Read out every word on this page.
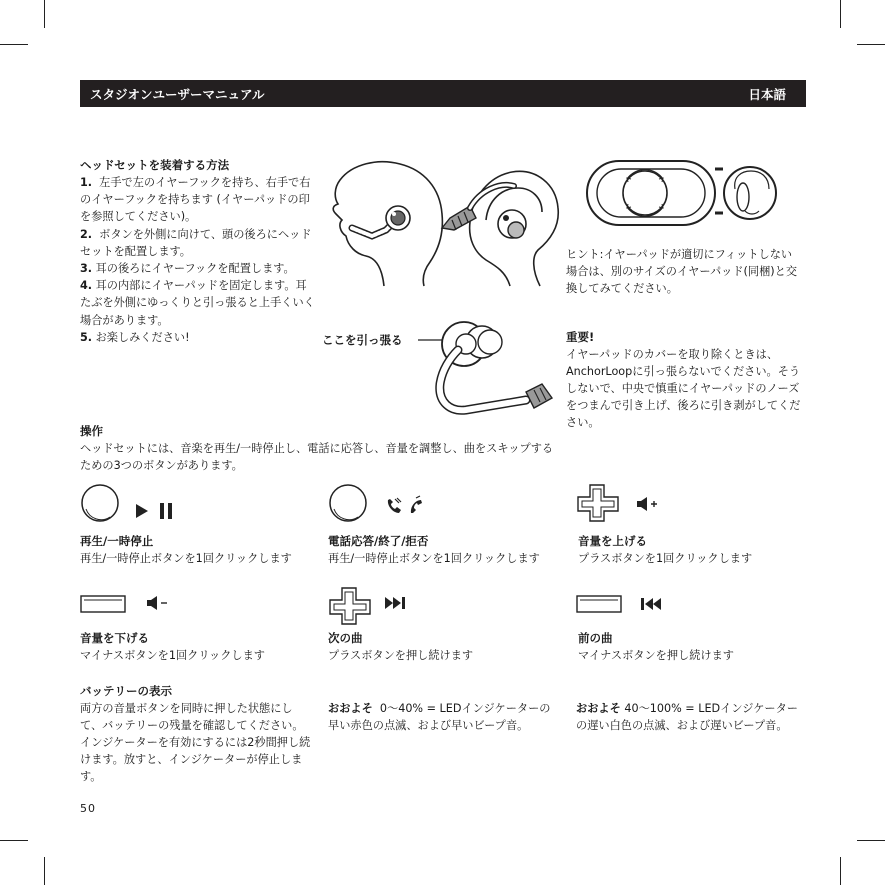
スタジオンユーザーマニュアル	日本語
ヘッドセットを装着する方法
1. 左手で左のイヤーフックを持ち、右手で右のイヤーフックを持ちます (イヤーパッドの印を参照してください)。
2. ボタンを外側に向けて、頭の後ろにヘッドセットを配置します。
3. 耳の後ろにイヤーフックを配置します。
4. 耳の内部にイヤーパッドを固定します。耳たぶを外側にゆっくりと引っ張ると上手くいく場合があります。
5. お楽しみください!
ヒント:イヤーパッドが適切にフィットしない場合は、別のサイズのイヤーパッド(同梱)と交換してみてください。
ここを引っ張る	重要!
イヤーパッドのカバーを取り除くときは、AnchorLoopに引っ張らないでください。そうしないで、中央で慎重にイヤーパッドのノーズをつまんで引き上げ、後ろに引き剥がしてください。
操作
ヘッドセットには、音楽を再生/一時停止し、電話に応答し、音量を調整し、曲をスキップするための3つのボタンがあります。

再生/一時停止

再生/一時停止ボタンを1回クリックします

電話応答/終了/拒否

再生/一時停止ボタンを1回クリックします

音量を上げる

プラスボタンを1回クリックします

音量を下げる

マイナスボタンを1回クリックします

次の曲

プラスボタンを押し続けます

前の曲

マイナスボタンを押し続けます

バッテリーの表示
両方の音量ボタンを同時に押した状態にして、バッテリーの残量を確認してください。インジケーターを有効にするには2秒間押し続けます。放すと、インジケーターが停止します。
おおよそ 0〜40% = LEDインジケーターの早い赤色の点滅、および早いビープ音。
おおよそ 40〜100% = LEDインジケーターの遅い白色の点滅、および遅いビープ音。
50
